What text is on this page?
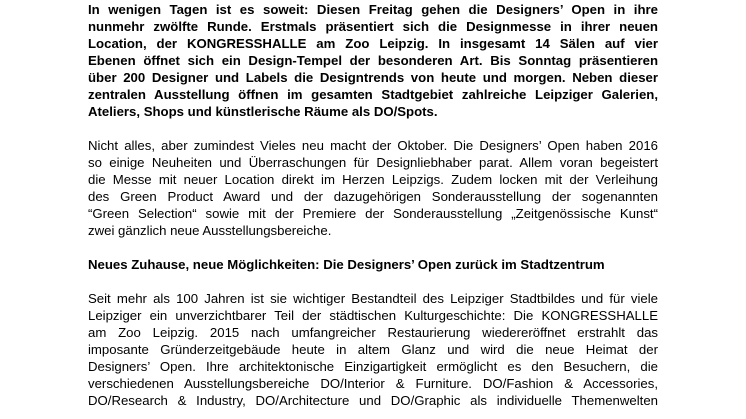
In wenigen Tagen ist es soweit: Diesen Freitag gehen die Designers’ Open in ihre
nunmehr zwölfte Runde. Erstmals präsentiert sich die Designmesse in ihrer neuen
Location, der KONGRESSHALLE am Zoo Leipzig. In insgesamt 14 Sälen auf vier
Ebenen öffnet sich ein Design-Tempel der besonderen Art. Bis Sonntag präsentieren
über 200 Designer und Labels die Designtrends von heute und morgen. Neben dieser
zentralen Ausstellung öffnen im gesamten Stadtgebiet zahlreiche Leipziger Galerien,
Ateliers, Shops und künstlerische Räume als DO/Spots.
Nicht alles, aber zumindest Vieles neu macht der Oktober. Die Designers’ Open haben 2016
so einige Neuheiten und Überraschungen für Designliebhaber parat. Allem voran begeistert
die Messe mit neuer Location direkt im Herzen Leipzigs. Zudem locken mit der Verleihung
des Green Product Award und der dazugehörigen Sonderausstellung der sogenannten
“Green Selection“ sowie mit der Premiere der Sonderausstellung „Zeitgenössische Kunst“
zwei gänzlich neue Ausstellungsbereiche.
Neues Zuhause, neue Möglichkeiten: Die Designers’ Open zurück im Stadtzentrum
Seit mehr als 100 Jahren ist sie wichtiger Bestandteil des Leipziger Stadtbildes und für viele
Leipziger ein unverzichtbarer Teil der städtischen Kulturgeschichte: Die KONGRESSHALLE
am Zoo Leipzig. 2015 nach umfangreicher Restaurierung wiedereröffnet erstrahlt das
imposante Gründerzeitgebäude heute in altem Glanz und wird die neue Heimat der
Designers’ Open. Ihre architektonische Einzigartigkeit ermöglicht es den Besuchern, die
verschiedenen Ausstellungsbereiche DO/Interior & Furniture. DO/Fashion & Accessories,
DO/Research & Industry, DO/Architecture und DO/Graphic als individuelle Themenwelten
